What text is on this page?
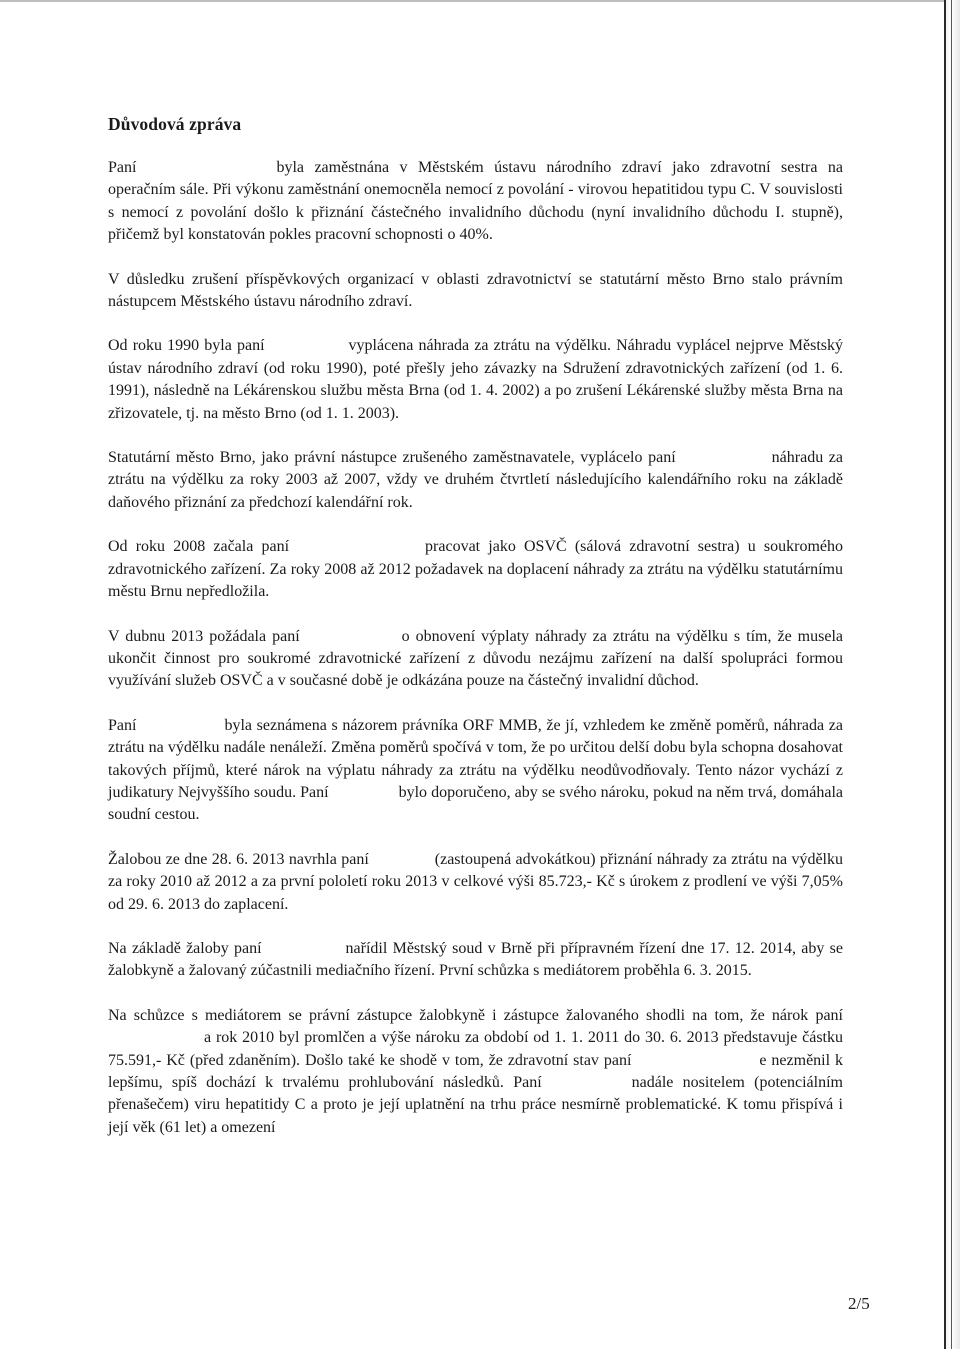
Důvodová zpráva

Paní	byla zaměstnána v Městském ústavu národního zdraví jako zdravotní sestra na operačním sále. Při výkonu zaměstnání onemocněla nemocí z povolání - virovou hepatitidou typu C. V souvislosti s nemocí z povolání došlo k přiznání částečného invalidního důchodu (nyní invalidního důchodu I. stupně), přičemž byl konstatován pokles pracovní schopnosti o 40%.

V důsledku zrušení příspěvkových organizací v oblasti zdravotnictví se statutární město Brno stalo právním nástupcem Městského ústavu národního zdraví.

Od roku 1990 byla paní	vyplácena náhrada za ztrátu na výdělku. Náhradu vyplácel nejprve Městský ústav národního zdraví (od roku 1990), poté přešly jeho závazky na Sdružení zdravotnických zařízení (od 1. 6. 1991), následně na Lékárenskou službu města Brna (od 1. 4. 2002) a po zrušení Lékárenské služby města Brna na zřizovatele, tj. na město Brno (od 1. 1. 2003).

Statutární město Brno, jako právní nástupce zrušeného zaměstnavatele, vyplácelo paní	náhradu za ztrátu na výdělku za roky 2003 až 2007, vždy ve druhém čtvrtletí následujícího kalendářního roku na základě daňového přiznání za předchozí kalendářní rok.

Od roku 2008 začala paní	pracovat jako OSVČ (sálová zdravotní sestra) u soukromého zdravotnického zařízení. Za roky 2008 až 2012 požadavek na doplacení náhrady za ztrátu na výdělku statutárnímu městu Brnu nepředložila.

V dubnu 2013 požádala paní	o obnovení výplaty náhrady za ztrátu na výdělku s tím, že musela ukončit činnost pro soukromé zdravotnické zařízení z důvodu nezájmu zařízení na další spolupráci formou využívání služeb OSVČ a v současné době je odkázána pouze na částečný invalidní důchod.

Paní	byla seznámena s názorem právníka ORF MMB, že jí, vzhledem ke změně poměrů, náhrada za ztrátu na výdělku nadále nenáleží. Změna poměrů spočívá v tom, že po určitou delší dobu byla schopna dosahovat takových příjmů, které nárok na výplatu náhrady za ztrátu na výdělku neodůvodňovaly. Tento názor vychází z judikatury Nejvyššího soudu. Paní	bylo doporučeno, aby se svého nároku, pokud na něm trvá, domáhala soudní cestou.

Žalobou ze dne 28. 6. 2013 navrhla paní	(zastoupená advokátkou) přiznání náhrady za ztrátu na výdělku za roky 2010 až 2012 a za první pololetí roku 2013 v celkové výši 85.723,- Kč s úrokem z prodlení ve výši 7,05% od 29. 6. 2013 do zaplacení.

Na základě žaloby paní	nařídil Městský soud v Brně při přípravném řízení dne 17. 12. 2014, aby se žalobkyně a žalovaný zúčastnili mediačního řízení. První schůzka s mediátorem proběhla 6. 3. 2015.

Na schůzce s mediátorem se právní zástupce žalobkyně i zástupce žalovaného shodli na tom, že nárok panía rok 2010 byl promlčen a výše nároku za období od 1. 1. 2011 do 30. 6. 2013 představuje částku 75.591,- Kč (před zdaněním). Došlo také ke shodě v tom, že zdravotní stav paní	e nezměnil k lepšímu, spíš dochází k trvalému prohlubování následků. Paní	nadále nositelem (potenciálním přenašečem) viru hepatitidy C a proto je její uplatnění na trhu práce nesmírně problematické. K tomu přispívá i její věk (61 let) a omezení

2/5
